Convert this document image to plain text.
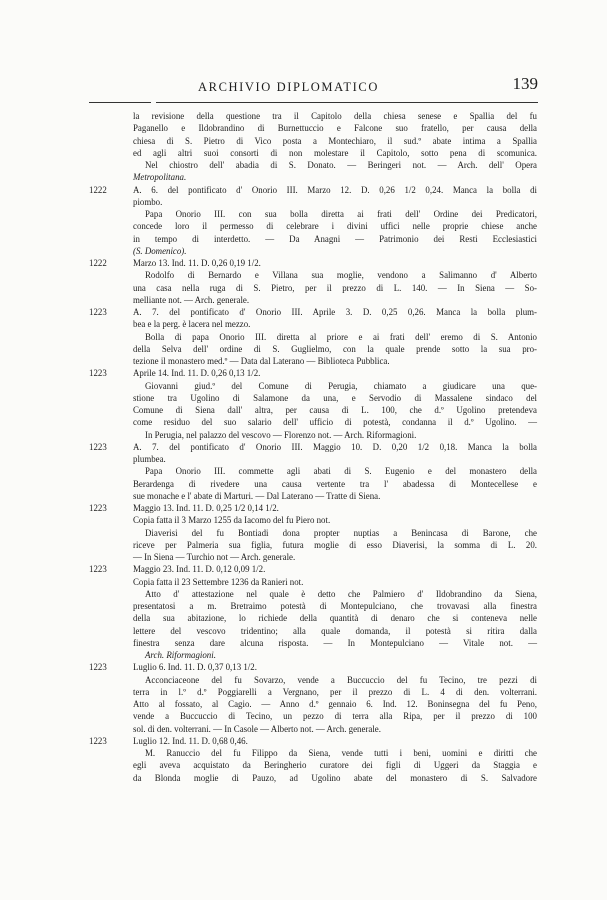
ARCHIVIO DIPLOMATICO	139
la revisione della questione tra il Capitolo della chiesa senese e Spallia del fu
Paganello e Ildobrandino di Burnettuccio e Falcone suo fratello, per causa della
chiesa di S. Pietro di Vico posta a Montechiaro, il sud.º abate intima a Spallia
ed agli altri suoi consorti di non molestare il Capitolo, sotto pena di scomunica.
Nel chiostro dell' abadia di S. Donato. — Beringeri not. — Arch. dell' Opera
Metropolitana.
1222	A. 6. del pontificato d' Onorio III. Marzo 12. D. 0,26 1/2 0,24. Manca la bolla di
piombo.
Papa Onorio III. con sua bolla diretta ai frati dell' Ordine dei Predicatori,
concede loro il permesso di celebrare i divini uffici nelle proprie chiese anche
in tempo di interdetto. — Da Anagni — Patrimonio dei Resti Ecclesiastici
(S. Domenico).
1222	Marzo 13. Ind. 11. D. 0,26 0,19 1/2.
Rodolfo di Bernardo e Villana sua moglie, vendono a Salimanno d' Alberto
una casa nella ruga di S. Pietro, per il prezzo di L. 140. — In Siena — So-
melliante not. — Arch. generale.
1223	A. 7. del pontificato d' Onorio III. Aprile 3. D. 0,25 0,26. Manca la bolla plum-
bea e la perg. è lacera nel mezzo.
Bolla di papa Onorio III. diretta al priore e ai frati dell' eremo di S. Antonio
della Selva dell' ordine di S. Guglielmo, con la quale prende sotto la sua pro-
tezione il monastero med.º — Data dal Laterano — Biblioteca Pubblica.
1223	Aprile 14. Ind. 11. D. 0,26 0,13 1/2.
Giovanni giud.º del Comune di Perugia, chiamato a giudicare una que-
stione tra Ugolino di Salamone da una, e Servodio di Massalene sindaco del
Comune di Siena dall' altra, per causa di L. 100, che d.º Ugolino pretendeva
come residuo del suo salario dell' ufficio di potestà, condanna il d.º Ugolino. —
In Perugia, nel palazzo del vescovo — Florenzo not. — Arch. Riformagioni.
1223	A. 7. del pontificato d' Onorio III. Maggio 10. D. 0,20 1/2 0,18. Manca la bolla
plumbea.
Papa Onorio III. commette agli abati di S. Eugenio e del monastero della
Berardenga di rivedere una causa vertente tra l' abadessa di Montecellese e
sue monache e l' abate di Marturi. — Dal Laterano — Tratte di Siena.
1223	Maggio 13. Ind. 11. D. 0,25 1/2 0,14 1/2.
Copia fatta il 3 Marzo 1255 da Iacomo del fu Piero not.
Diaverisi del fu Bontiadi dona propter nuptias a Benincasa di Barone, che
riceve per Palmeria sua figlia, futura moglie di esso Diaverisi, la somma di L. 20.
— In Siena — Turchio not — Arch. generale.
1223	Maggio 23. Ind. 11. D. 0,12 0,09 1/2.
Copia fatta il 23 Settembre 1236 da Ranieri not.
Atto d' attestazione nel quale è detto che Palmiero d' Ildobrandino da Siena,
presentatosi a m. Bretraimo potestà di Montepulciano, che trovavasi alla finestra
della sua abitazione, lo richiede della quantità di denaro che si conteneva nelle
lettere del vescovo tridentino; alla quale domanda, il potestà si ritira dalla
finestra senza dare alcuna risposta. — In Montepulciano — Vitale not. —
Arch. Riformagioni.
1223	Luglio 6. Ind. 11. D. 0,37 0,13 1/2.
Acconciaceone del fu Sovarzo, vende a Buccuccio del fu Tecino, tre pezzi di
terra in l.º d.º Poggiarelli a Vergnano, per il prezzo di L. 4 di den. volterrani.
Atto al fossato, al Cagio. — Anno d.º gennaio 6. Ind. 12. Boninsegna del fu Peno,
vende a Buccuccio di Tecino, un pezzo di terra alla Ripa, per il prezzo di 100
sol. di den. volterrani. — In Casole — Alberto not. — Arch. generale.
1223	Luglio 12. Ind. 11. D. 0,68 0,46.
M. Ranuccio del fu Filippo da Siena, vende tutti i beni, uomini e diritti che
egli aveva acquistato da Beringherio curatore dei figli di Uggeri da Staggia e
da Blonda moglie di Pauzo, ad Ugolino abate del monastero di S. Salvadore
